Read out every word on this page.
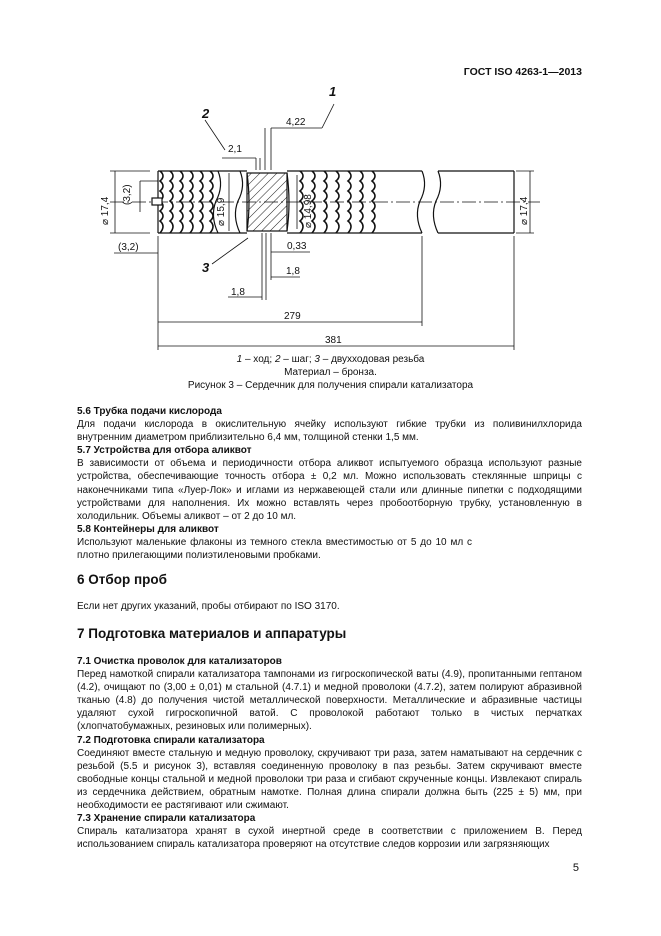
ГОСТ ISO 4263-1—2013
1
2
3
4,22
2,1
⌀ 17,4
(3,2)
⌀ 15,9	⌀ 14,98	⌀ 17,4
(3,2)	0,33
1,8
1,8
279
381
1 – ход; 2 – шаг; 3 – двухходовая резьба
Материал – бронза.
Рисунок 3 – Сердечник для получения спирали катализатора

5.6 Трубка подачи кислорода

Для подачи кислорода в окислительную ячейку используют гибкие трубки из поливинилхлорида внутренним диаметром приблизительно 6,4 мм, толщиной стенки 1,5 мм.

5.7 Устройства для отбора аликвот

В зависимости от объема и периодичности отбора аликвот испытуемого образца используют разные устройства, обеспечивающие точность отбора ± 0,2 мл. Можно использовать стеклянные шприцы с наконечниками типа «Луер-Лок» и иглами из нержавеющей стали или длинные пипетки с подходящими устройствами для наполнения. Их можно вставлять через пробоотборную трубку, установленную в холодильник. Объемы аликвот – от 2 до 10 мл.

5.8 Контейнеры для аликвот

Используют маленькие флаконы из темного стекла вместимостью от 5 до 10 мл с плотно прилегающими полиэтиленовыми пробками.

6 Отбор проб
Если нет других указаний, пробы отбирают по ISO 3170.
7 Подготовка материалов и аппаратуры

7.1 Очистка проволок для катализаторов

Перед намоткой спирали катализатора тампонами из гигроскопической ваты (4.9), пропитанными гептаном (4.2), очищают по (3,00 ± 0,01) м стальной (4.7.1) и медной проволоки (4.7.2), затем полируют абразивной тканью (4.8) до получения чистой металлической поверхности. Металлические и абразивные частицы удаляют сухой гигроскопичной ватой. С проволокой работают только в чистых перчатках (хлопчатобумажных, резиновых или полимерных).

7.2 Подготовка спирали катализатора

Соединяют вместе стальную и медную проволоку, скручивают три раза, затем наматывают на сердечник с резьбой (5.5 и рисунок 3), вставляя соединенную проволоку в паз резьбы. Затем скручивают вместе свободные концы стальной и медной проволоки три раза и сгибают скрученные концы. Извлекают спираль из сердечника действием, обратным намотке. Полная длина спирали должна быть (225 ± 5) мм, при необходимости ее растягивают или сжимают.

7.3 Хранение спирали катализатора

Спираль катализатора хранят в сухой инертной среде в соответствии с приложением В. Перед использованием спираль катализатора проверяют на отсутствие следов коррозии или загрязняющих

5
